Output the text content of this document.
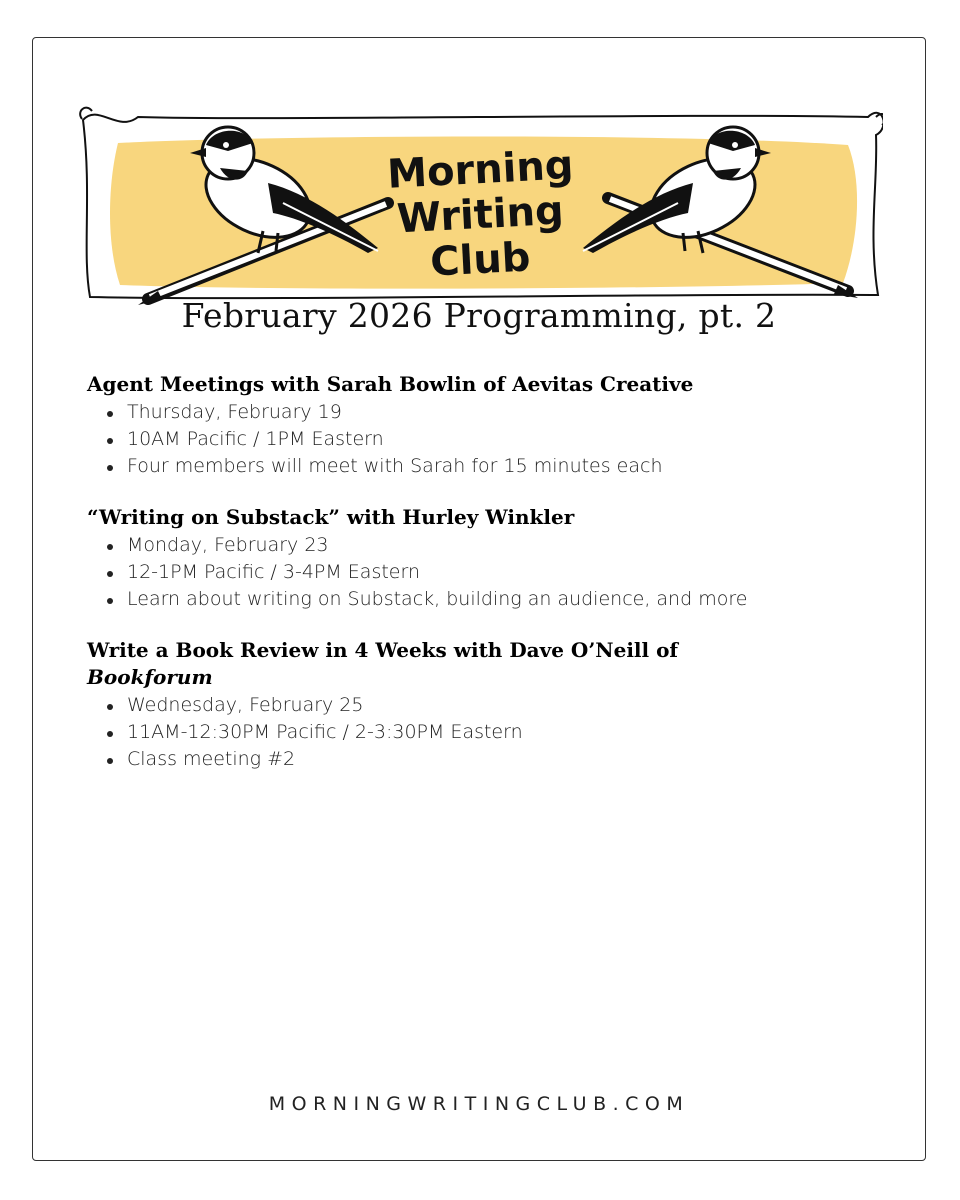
Morning
Writing
Club
February 2026 Programming, pt. 2
Agent Meetings with Sarah Bowlin of Aevitas Creative
Thursday, February 19
10AM Pacific / 1PM Eastern
Four members will meet with Sarah for 15 minutes each
“Writing on Substack” with Hurley Winkler
Monday, February 23
12-1PM Pacific / 3-4PM Eastern
Learn about writing on Substack, building an audience, and more
Write a Book Review in 4 Weeks with Dave O’Neill of
Bookforum
Wednesday, February 25
11AM-12:30PM Pacific / 2-3:30PM Eastern
Class meeting #2
MORNINGWRITINGCLUB.COM
